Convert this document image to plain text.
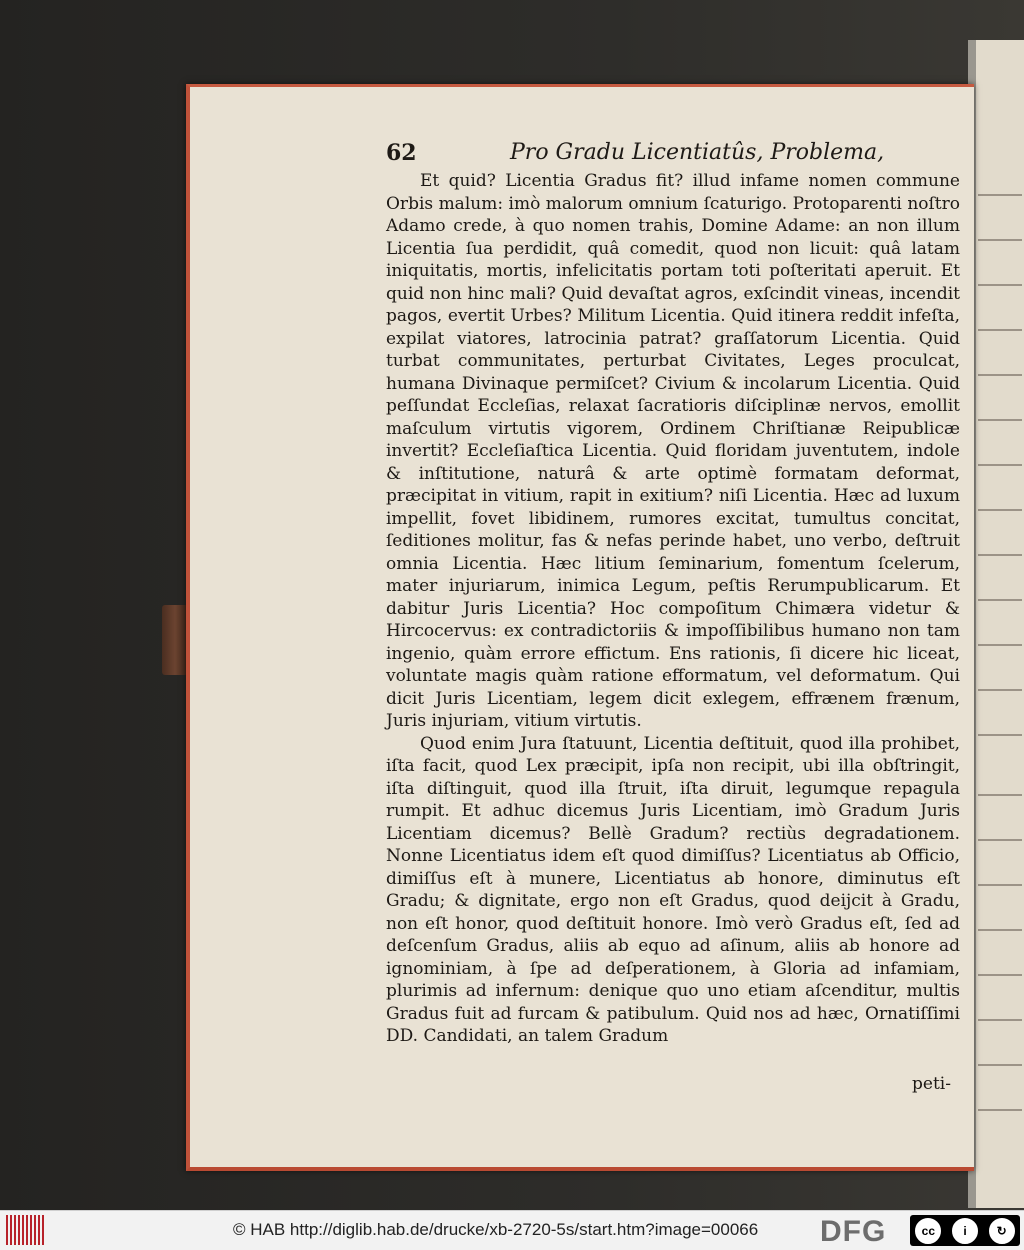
62	Pro Gradu Licentiatûs, Problema,

Et quid? Licentia Gradus fit? illud infame nomen commune Orbis malum: imò malorum omnium ſcaturigo. Protoparenti noſtro Adamo crede, à quo nomen trahis, Domine Adame: an non illum Licentia ſua perdidit, quâ comedit, quod non licuit: quâ latam iniquitatis, mortis, infelicitatis portam toti poſteritati aperuit. Et quid non hinc mali? Quid devaſtat agros, exſcindit vineas, incendit pagos, evertit Urbes? Militum Licentia. Quid itinera reddit infeſta, expilat viatores, latrocinia patrat? graſſatorum Licentia. Quid turbat communitates, perturbat Civitates, Leges proculcat, humana Divinaque permiſcet? Civium & incolarum Licentia. Quid peſſundat Eccleſias, relaxat ſacratioris diſciplinæ nervos, emollit maſculum virtutis vigorem, Ordinem Chriſtianæ Reipublicæ invertit? Eccleſiaſtica Licentia. Quid floridam juventutem, indole & inſtitutione, naturâ & arte optimè formatam deformat, præcipitat in vitium, rapit in exitium? niſi Licentia. Hæc ad luxum impellit, fovet libidinem, rumores excitat, tumultus concitat, ſeditiones molitur, fas & nefas perinde habet, uno verbo, deſtruit omnia Licentia. Hæc litium ſeminarium, fomentum ſcelerum, mater injuriarum, inimica Legum, peſtis Rerumpublicarum. Et dabitur Juris Licentia? Hoc compoſitum Chimæra videtur & Hircocervus: ex contradictoriis & impoſſibilibus humano non tam ingenio, quàm errore effictum. Ens rationis, ſi dicere hic liceat, voluntate magis quàm ratione efformatum, vel deformatum. Qui dicit Juris Licentiam, legem dicit exlegem, effrænem frænum, Juris injuriam, vitium virtutis.

Quod enim Jura ſtatuunt, Licentia deſtituit, quod illa prohibet, iſta facit, quod Lex præcipit, ipſa non recipit, ubi illa obſtringit, iſta diſtinguit, quod illa ſtruit, iſta diruit, legumque repagula rumpit. Et adhuc dicemus Juris Licentiam, imò Gradum Juris Licentiam dicemus? Bellè Gradum? rectiùs degradationem. Nonne Licentiatus idem eſt quod dimiſſus? Licentiatus ab Officio, dimiſſus eſt à munere, Licentiatus ab honore, diminutus eſt Gradu; & dignitate, ergo non eſt Gradus, quod deijcit à Gradu, non eſt honor, quod deſtituit honore. Imò verò Gradus eſt, ſed ad deſcenſum Gradus, aliis ab equo ad aſinum, aliis ab honore ad ignominiam, à ſpe ad deſperationem, à Gloria ad infamiam, plurimis ad infernum: denique quo uno etiam aſcenditur, multis Gradus fuit ad furcam & patibulum. Quid nos ad hæc, Ornatiſſimi DD. Candidati, an talem Gradum

peti-
© HAB http://diglib.hab.de/drucke/xb-2720-5s/start.htm?image=00066 DFG	cc	i	↻
